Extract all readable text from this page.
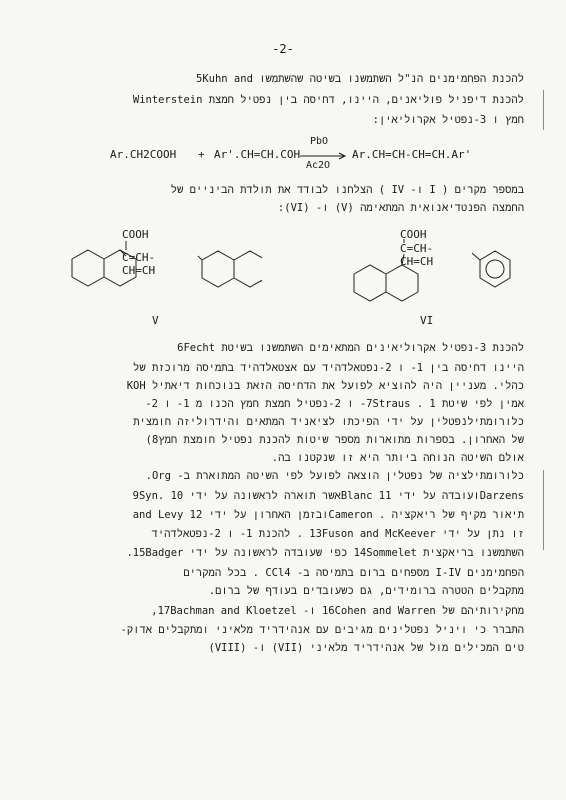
-2-
להכנת הפחמימנים הנ"ל השתמשנו בשיטה שהשתמשו 5Kuhn and
Winterstein להכנת דיפניל פוליאנים, היינו, דחיסה בין נפטיל חמצת
חמץ ו 3-נפטיל אקרוליאין:
Ar.CH2COOH + Ar'.CH=CH.COH
PbO
Ac2O
Ar.CH=CH-CH=CH.Ar'
במספר מקרים ( I ו- IV ) הצלחנו לבודד את תולדת הביניים של
החמצה הפנטדיאנואית המתאימה (V) ו- (VI):
COOH
C=CH-CH=CH
V
COOH
C=CH-CH=CH
VI
להכנת 3-נפטיל אקרוליאינים המתאימים השתמשנו בשיטת 6Fecht
היינו דחיסה בין 1- ו 2-נפטאלדהיד עם אצטאלדהיד בתמיסה מרוכזת של
KOH כהלי. מעניין היה להוציא לפועל את הדחיסה הזאת בנוכחות דיאתיל
אמין לפי שיטת 7Straus . 1- ו 2-נפטיל חמצת חמץ הכנו מ 1- ו 2-
כלורומתילנפטלין על ידי הפיכתו לציאניד המתאים והידרוליזה חומצית
של האחרון. בספרות מתוארות מספר שיטות להכנת נפטיל חומצת חמץ8)
אולם השיטה הנוחה ביותר היא זו שנקטנו בה.
כלורומתילציה של נפטלין הוצאה לפועל לפי השיטה המתוארת ב- Org.
9Syn. אשר תוארה לראשונה על ידי 10Blanc ועובדה על ידי 11Darzens
and Levy ובזמן האחרון על ידי 12Cameron . תיאור מקיף של ריאקציה
זו נתן על ידי 13Fuson and McKeever . להכנת 1- ו 2-נפטאלדהיד
השתמשנו בריאקצית 14Sommelet כפי שעובדה לראשונה על ידי 15Badger.
הפחמימנים I-IV מספחים ברום בתמיסה ב- CCl4 . בכל המקרים
מתקבלים הטטרה ברומידים, גם כשעובדים בעודף של ברום.
מחקירותיהם של 16Cohen and Warren ו- 17Bachman and Kloetzel,
התברר כי ויניל נפטלינים מגיבים עם אנהידריד מלאיני ומתקבלים אדוק-
טים המכילים מול של אנהידריד מלאיני (VII) ו- (VIII)
